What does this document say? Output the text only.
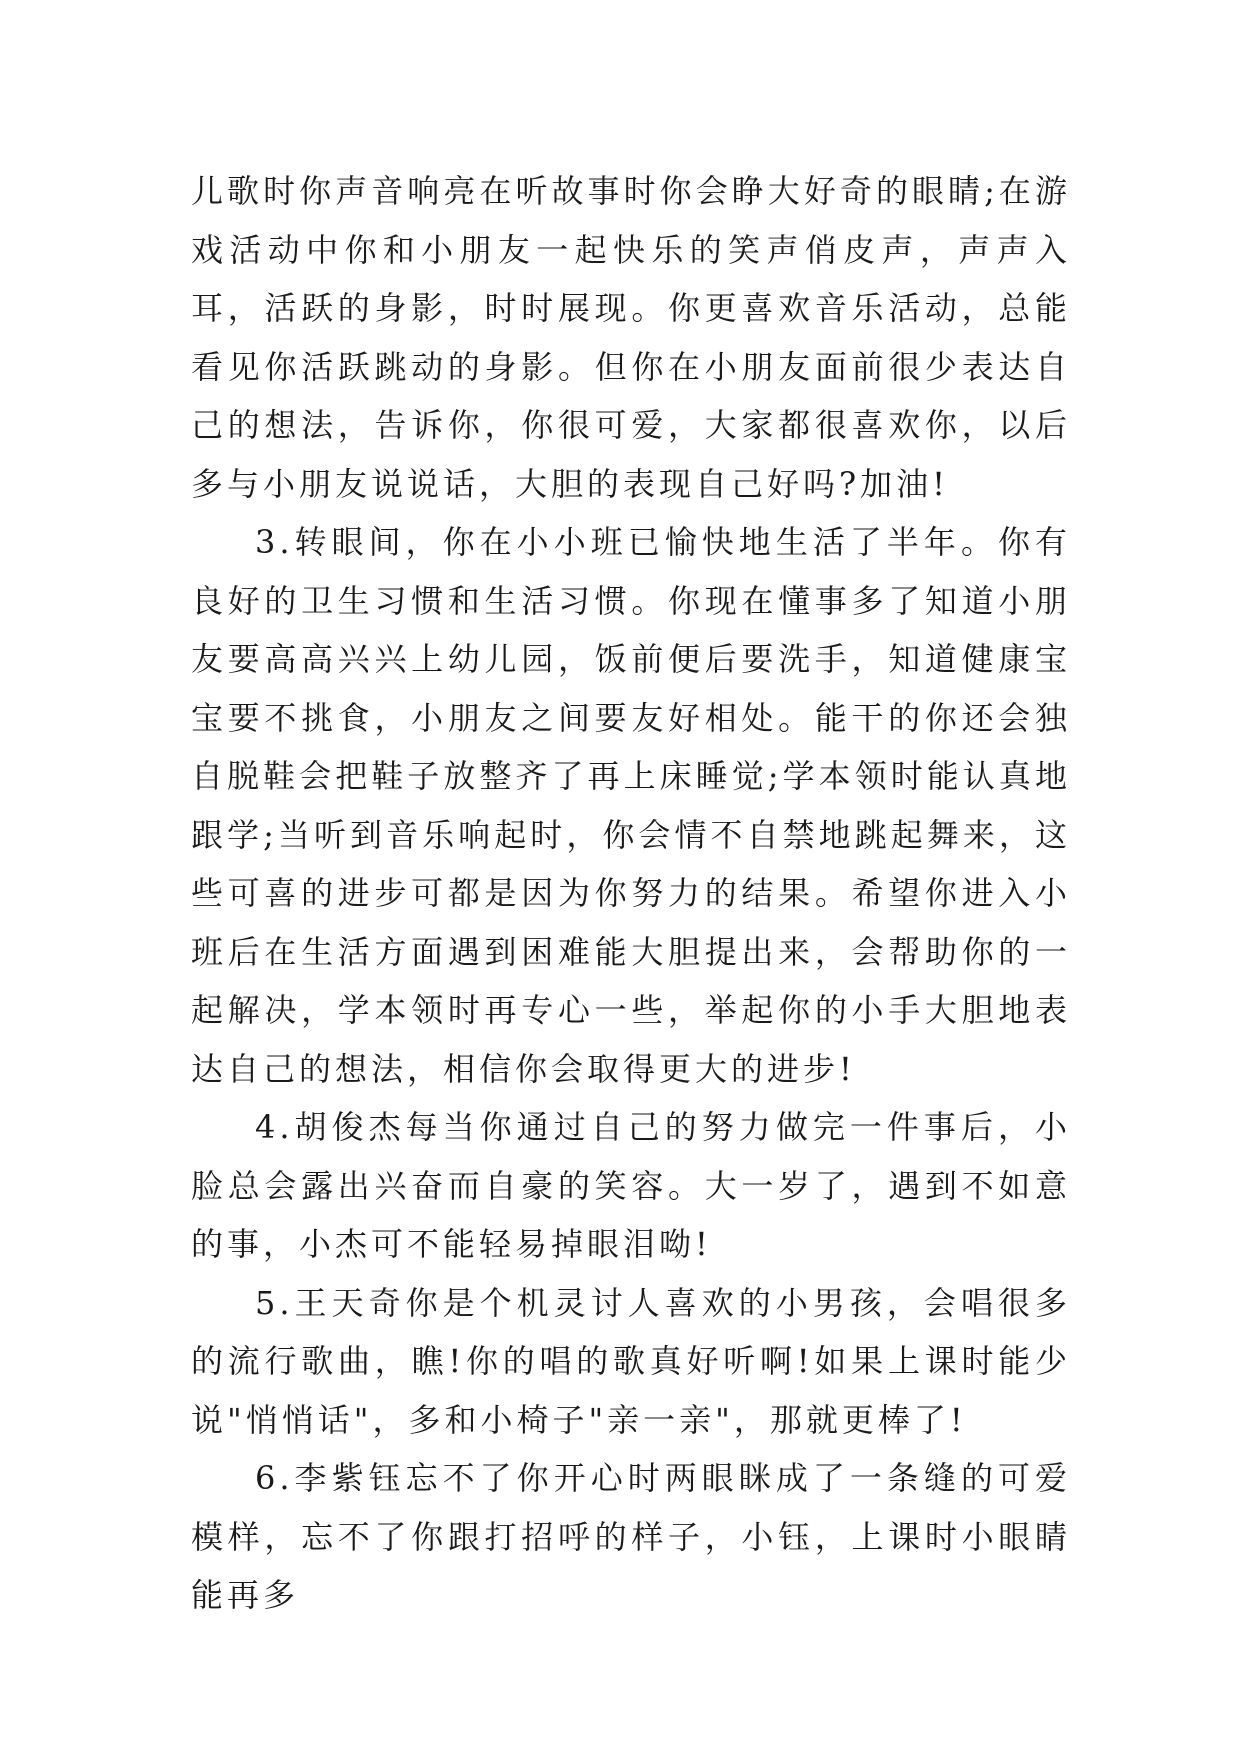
儿歌时你声音响亮在听故事时你会睁大好奇的眼睛;在游戏活动中你和小朋友一起快乐的笑声俏皮声，声声入耳，活跃的身影，时时展现。你更喜欢音乐活动，总能看见你活跃跳动的身影。但你在小朋友面前很少表达自己的想法，告诉你，你很可爱，大家都很喜欢你，以后多与小朋友说说话，大胆的表现自己好吗?加油!

3.转眼间，你在小小班已愉快地生活了半年。你有良好的卫生习惯和生活习惯。你现在懂事多了知道小朋友要高高兴兴上幼儿园，饭前便后要洗手，知道健康宝宝要不挑食，小朋友之间要友好相处。能干的你还会独自脱鞋会把鞋子放整齐了再上床睡觉;学本领时能认真地跟学;当听到音乐响起时，你会情不自禁地跳起舞来，这些可喜的进步可都是因为你努力的结果。希望你进入小班后在生活方面遇到困难能大胆提出来，会帮助你的一起解决，学本领时再专心一些，举起你的小手大胆地表达自己的想法，相信你会取得更大的进步!

4.胡俊杰每当你通过自己的努力做完一件事后，小脸总会露出兴奋而自豪的笑容。大一岁了，遇到不如意的事，小杰可不能轻易掉眼泪呦!

5.王天奇你是个机灵讨人喜欢的小男孩，会唱很多的流行歌曲，瞧!你的唱的歌真好听啊!如果上课时能少说"悄悄话"，多和小椅子"亲一亲"，那就更棒了!

6.李紫钰忘不了你开心时两眼眯成了一条缝的可爱模样，忘不了你跟打招呼的样子，小钰，上课时小眼睛能再多
